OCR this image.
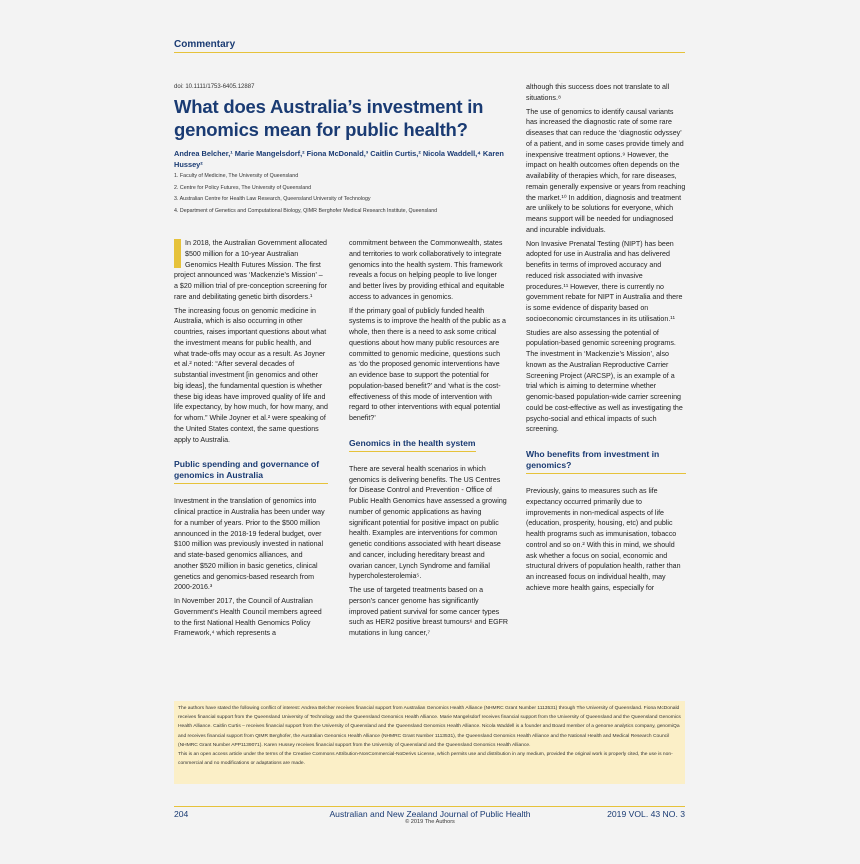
Commentary
doi: 10.1111/1753-6405.12887
What does Australia’s investment in genomics mean for public health?
Andrea Belcher,¹ Marie Mangelsdorf,² Fiona McDonald,³ Caitlin Curtis,² Nicola Waddell,⁴ Karen Hussey²
1. Faculty of Medicine, The University of Queensland
2. Centre for Policy Futures, The University of Queensland
3. Australian Centre for Health Law Research, Queensland University of Technology
4. Department of Genetics and Computational Biology, QIMR Berghofer Medical Research Institute, Queensland

In 2018, the Australian Government allocated $500 million for a 10-year Australian Genomics Health Futures Mission. The first project announced was ‘Mackenzie’s Mission’ – a $20 million trial of pre-conception screening for rare and debilitating genetic birth disorders.¹

The increasing focus on genomic medicine in Australia, which is also occurring in other countries, raises important questions about what the investment means for public health, and what trade-offs may occur as a result. As Joyner et al.² noted: “After several decades of substantial investment [in genomics and other big ideas], the fundamental question is whether these big ideas have improved quality of life and life expectancy, by how much, for how many, and for whom.” While Joyner et al.² were speaking of the United States context, the same questions apply to Australia.

Public spending and governance of genomics in Australia

Investment in the translation of genomics into clinical practice in Australia has been under way for a number of years. Prior to the $500 million announced in the 2018-19 federal budget, over $100 million was previously invested in national and state-based genomics alliances, and another $520 million in basic genetics, clinical genetics and genomics-based research from 2000-2016.³

In November 2017, the Council of Australian Government’s Health Council members agreed to the first National Health Genomics Policy Framework,⁴ which represents a

commitment between the Commonwealth, states and territories to work collaboratively to integrate genomics into the health system. This framework reveals a focus on helping people to live longer and better lives by providing ethical and equitable access to advances in genomics.

If the primary goal of publicly funded health systems is to improve the health of the public as a whole, then there is a need to ask some critical questions about how many public resources are committed to genomic medicine, questions such as ‘do the proposed genomic interventions have an evidence base to support the potential for population-based benefit?’ and ‘what is the cost-effectiveness of this mode of intervention with regard to other interventions with equal potential benefit?’

Genomics in the health system

There are several health scenarios in which genomics is delivering benefits. The US Centres for Disease Control and Prevention - Office of Public Health Genomics have assessed a growing number of genomic applications as having significant potential for positive impact on public health. Examples are interventions for common genetic conditions associated with heart disease and cancer, including hereditary breast and ovarian cancer, Lynch Syndrome and familial hypercholesterolemia⁵.

The use of targeted treatments based on a person’s cancer genome has significantly improved patient survival for some cancer types such as HER2 positive breast tumours⁶ and EGFR mutations in lung cancer,⁷

although this success does not translate to all situations.⁸

The use of genomics to identify causal variants has increased the diagnostic rate of some rare diseases that can reduce the ‘diagnostic odyssey’ of a patient, and in some cases provide timely and inexpensive treatment options.⁹ However, the impact on health outcomes often depends on the availability of therapies which, for rare diseases, remain generally expensive or years from reaching the market.¹⁰ In addition, diagnosis and treatment are unlikely to be solutions for everyone, which means support will be needed for undiagnosed and incurable individuals.

Non Invasive Prenatal Testing (NIPT) has been adopted for use in Australia and has delivered benefits in terms of improved accuracy and reduced risk associated with invasive procedures.¹¹ However, there is currently no government rebate for NIPT in Australia and there is some evidence of disparity based on socioeconomic circumstances in its utilisation.¹¹

Studies are also assessing the potential of population-based genomic screening programs. The investment in ‘Mackenzie’s Mission’, also known as the Australian Reproductive Carrier Screening Project (ARCSP), is an example of a trial which is aiming to determine whether genomic-based population-wide carrier screening could be cost-effective as well as investigating the psycho-social and ethical impacts of such screening.

Who benefits from investment in genomics?

Previously, gains to measures such as life expectancy occurred primarily due to improvements in non-medical aspects of life (education, prosperity, housing, etc) and public health programs such as immunisation, tobacco control and so on.² With this in mind, we should ask whether a focus on social, economic and structural drivers of population health, rather than an increased focus on individual health, may achieve more health gains, especially for

The authors have stated the following conflict of interest: Andrea Belcher receives financial support from Australian Genomics Health Alliance (NHMRC Grant Number 1113531) through The University of Queensland. Fiona McDonald receives financial support from the Queensland University of Technology and the Queensland Genomics Health Alliance. Marie Mangelsdorf receives financial support from the University of Queensland and the Queensland Genomics Health Alliance. Caitlin Curtis – receives financial support from the University of Queensland and the Queensland Genomics Health Alliance. Nicola Waddell is a founder and Board member of a genome analytics company, genomiQa and receives financial support from QIMR Berghofer, the Australian Genomics Health Alliance (NHMRC Grant Number 1113531), the Queensland Genomics Health Alliance and the National Health and Medical Research Council (NHMRC Grant Number APP1139071). Karen Hussey receives financial support from the University of Queensland and the Queensland Genomics Health Alliance.
This is an open access article under the terms of the Creative Commons Attribution-NonCommercial-NoDerivs License, which permits use and distribution in any medium, provided the original work is properly cited, the use is non-commercial and no modifications or adaptations are made.
204	Australian and New Zealand Journal of Public Health
© 2019 The Authors
2019 VOL. 43 NO. 3
